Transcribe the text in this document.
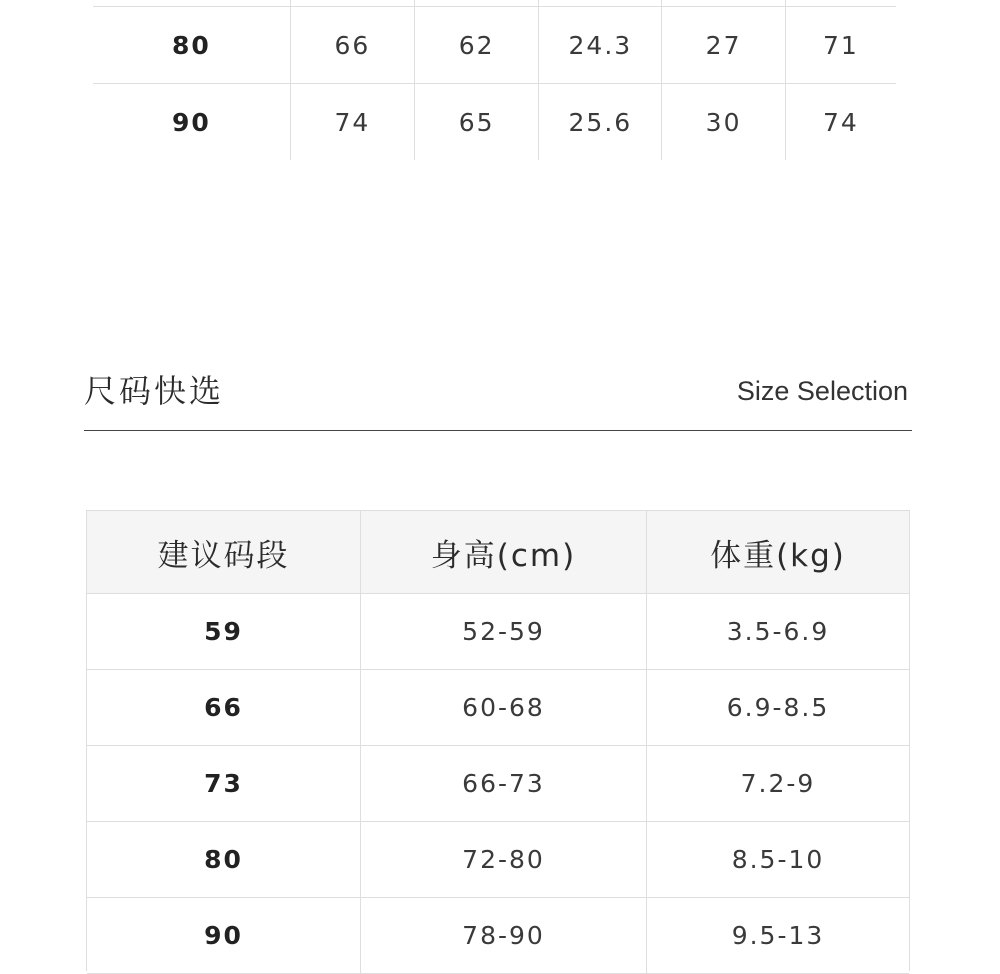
80	66	62	24.3	27	71
90	74	65	25.6	30	74
尺码快选	Size Selection
建议码段	身高(cm)	体重(kg)
59	52-59	3.5-6.9
66	60-68	6.9-8.5
73	66-73	7.2-9
80	72-80	8.5-10
90	78-90	9.5-13
